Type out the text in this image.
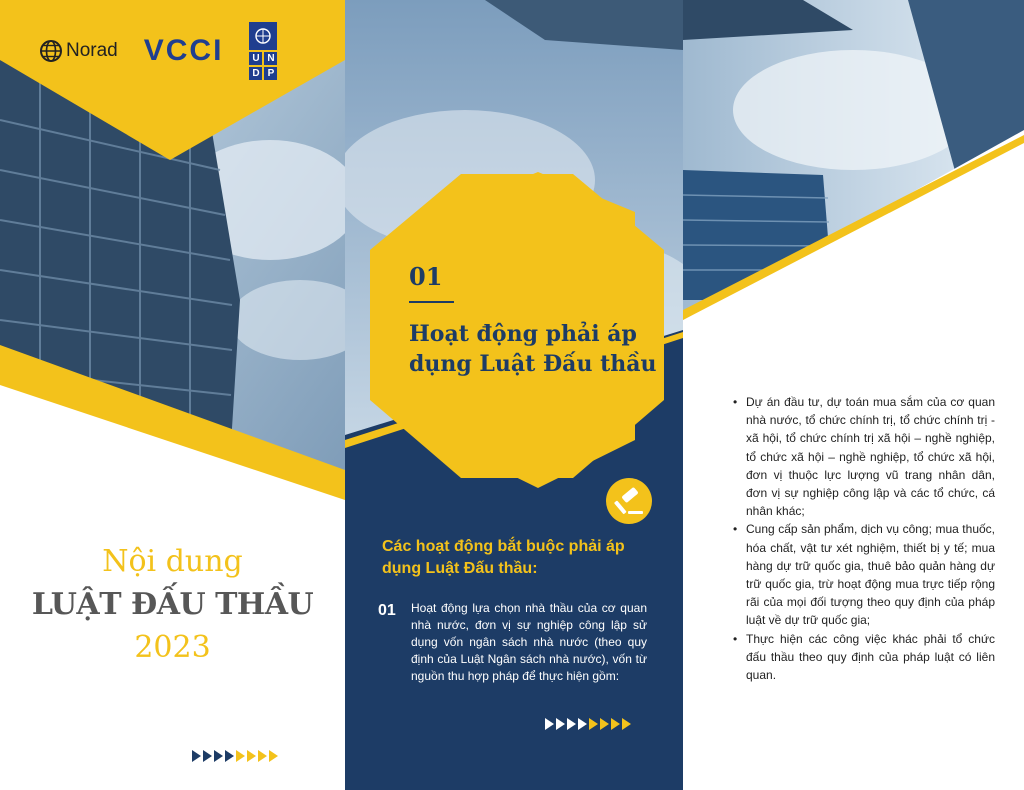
Norad VCCI	U N
D P
Nội dung
LUẬT ĐẤU THẦU
2023
01
Hoạt động phải áp dụng Luật Đấu thầu
Các hoạt động bắt buộc phải áp dụng Luật Đấu thầu:
01 Hoạt động lựa chọn nhà thầu của cơ quan nhà nước, đơn vị sự nghiệp công lập sử dụng vốn ngân sách nhà nước (theo quy định của Luật Ngân sách nhà nước), vốn từ nguồn thu hợp pháp để thực hiện gồm:
• Dự án đầu tư, dự toán mua sắm của cơ quan nhà nước, tổ chức chính trị, tổ chức chính trị - xã hội, tổ chức chính trị xã hội – nghề nghiệp, tổ chức xã hội – nghề nghiệp, tổ chức xã hội, đơn vị thuộc lực lượng vũ trang nhân dân, đơn vị sự nghiệp công lập và các tổ chức, cá nhân khác;
• Cung cấp sản phẩm, dịch vụ công; mua thuốc, hóa chất, vật tư xét nghiệm, thiết bị y tế; mua hàng dự trữ quốc gia, thuê bảo quản hàng dự trữ quốc gia, trừ hoạt động mua trực tiếp rộng rãi của mọi đối tượng theo quy định của pháp luật về dự trữ quốc gia;
• Thực hiện các công việc khác phải tổ chức đấu thầu theo quy định của pháp luật có liên quan.
